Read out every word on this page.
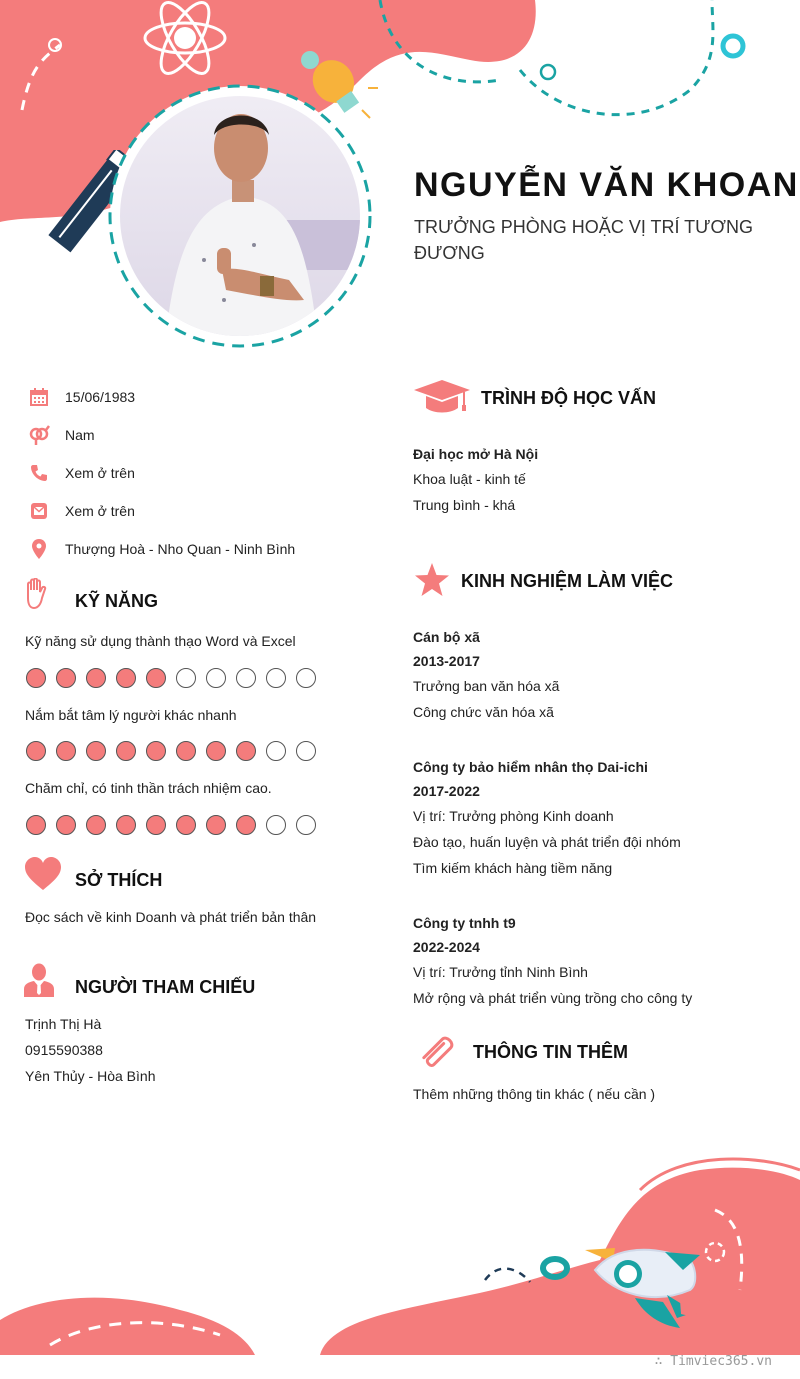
NGUYỄN VĂN KHOAN
TRƯỞNG PHÒNG HOẶC VỊ TRÍ TƯƠNG ĐƯƠNG
15/06/1983
Nam
Xem ở trên
Xem ở trên
Thượng Hoà - Nho Quan - Ninh Bình
KỸ NĂNG
Kỹ năng sử dụng thành thạo Word và Excel
Nắm bắt tâm lý người khác nhanh
Chăm chỉ, có tinh thần trách nhiệm cao.
SỞ THÍCH
Đọc sách về kinh Doanh và phát triển bản thân
NGƯỜI THAM CHIẾU
Trịnh Thị Hà
0915590388
Yên Thủy - Hòa Bình
TRÌNH ĐỘ HỌC VẤN
Đại học mở Hà Nội
Khoa luật - kinh tế
Trung bình - khá
KINH NGHIỆM LÀM VIỆC
Cán bộ xã
2013-2017
Trưởng ban văn hóa xã
Công chức văn hóa xã
Công ty bảo hiểm nhân thọ Dai-ichi
2017-2022
Vị trí: Trưởng phòng Kinh doanh
Đào tạo, huấn luyện và phát triển đội nhóm
Tìm kiếm khách hàng tiềm năng
Công ty tnhh t9
2022-2024
Vị trí: Trưởng tỉnh Ninh Bình
Mở rộng và phát triển vùng trồng cho công ty
THÔNG TIN THÊM
Thêm những thông tin khác ( nếu cần )
∴ Timviec365.vn
